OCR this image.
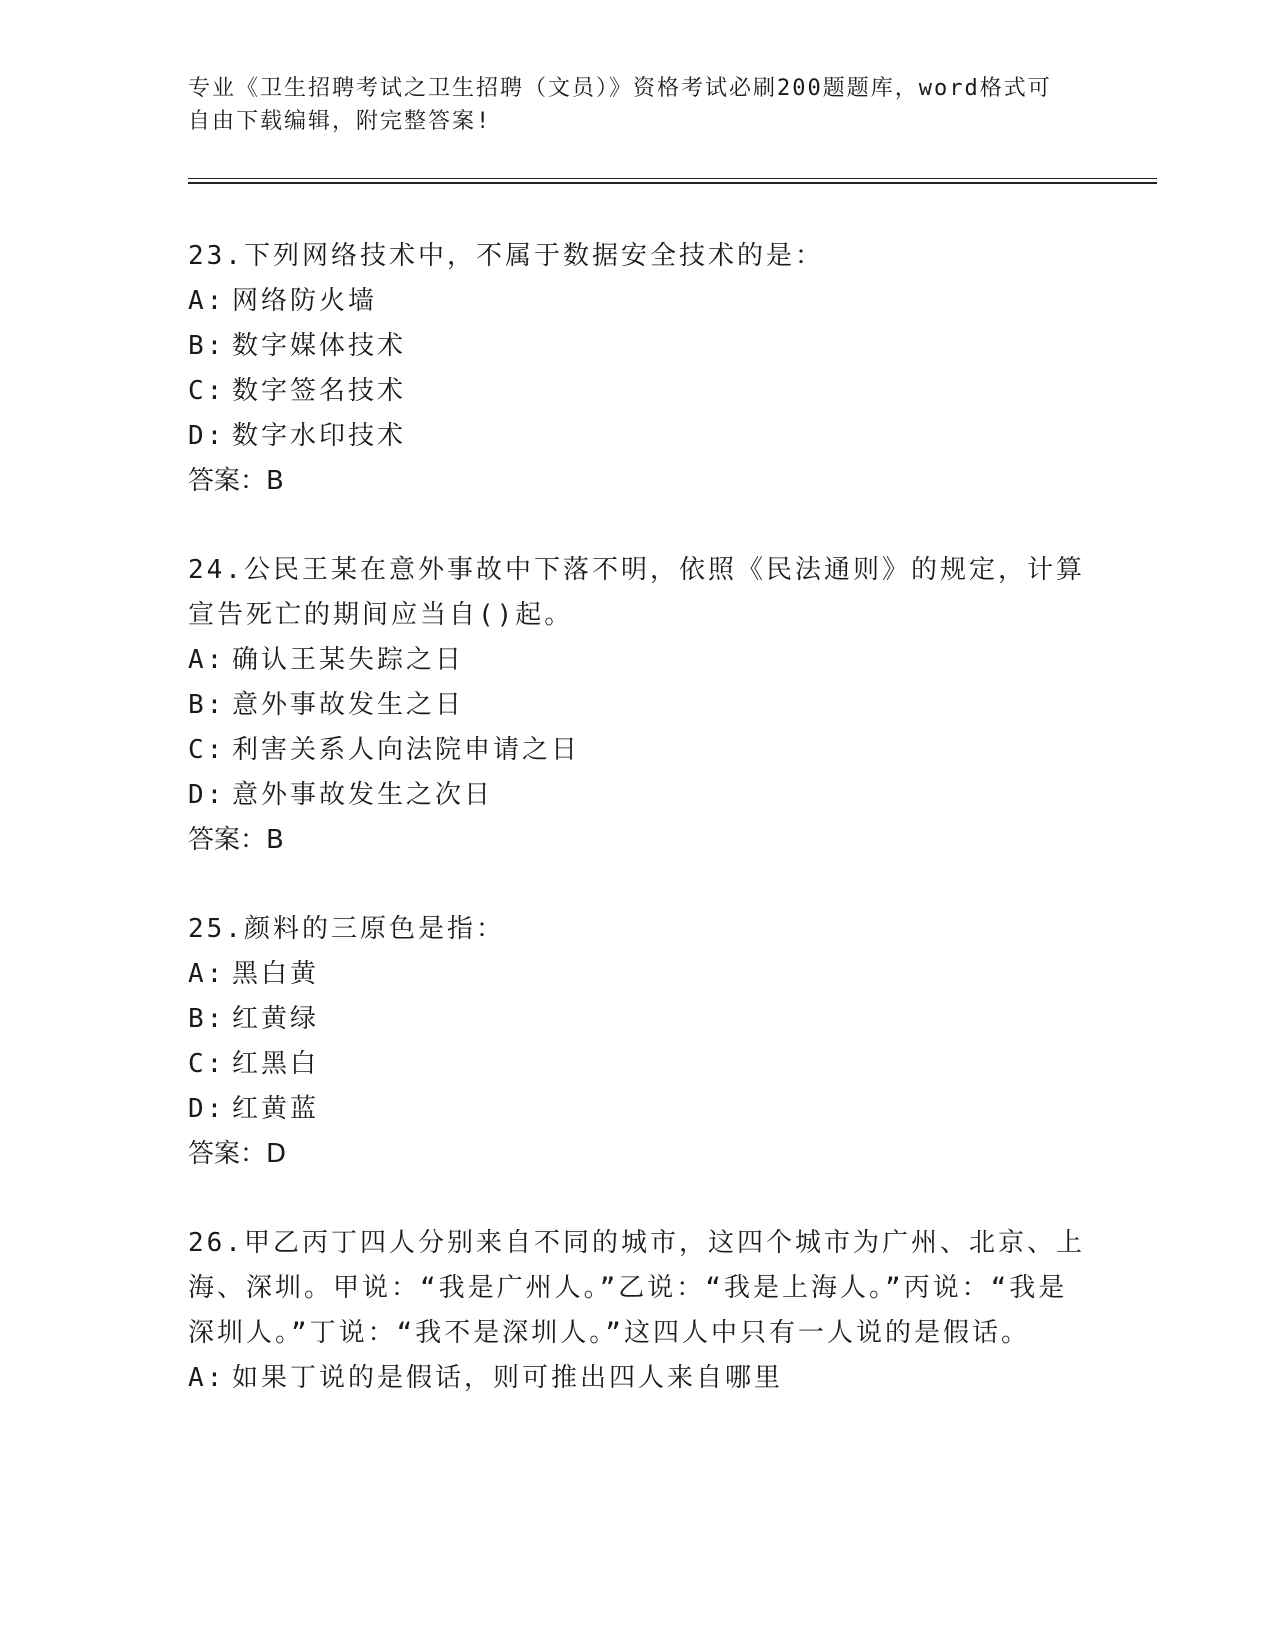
专业《卫生招聘考试之卫生招聘（文员）》资格考试必刷200题题库，word格式可自由下载编辑，附完整答案!

23.下列网络技术中，不属于数据安全技术的是：

A: 网络防火墙

B: 数字媒体技术

C: 数字签名技术

D: 数字水印技术

答案：B

24.公民王某在意外事故中下落不明，依照《民法通则》的规定，计算宣告死亡的期间应当自()起。

A: 确认王某失踪之日

B: 意外事故发生之日

C: 利害关系人向法院申请之日

D: 意外事故发生之次日

答案：B

25.颜料的三原色是指：

A: 黑白黄

B: 红黄绿

C: 红黑白

D: 红黄蓝

答案：D

26.甲乙丙丁四人分别来自不同的城市，这四个城市为广州、北京、上海、深圳。甲说：“我是广州人。”乙说：“我是上海人。”丙说：“我是深圳人。”丁说：“我不是深圳人。”这四人中只有一人说的是假话。

A: 如果丁说的是假话，则可推出四人来自哪里
